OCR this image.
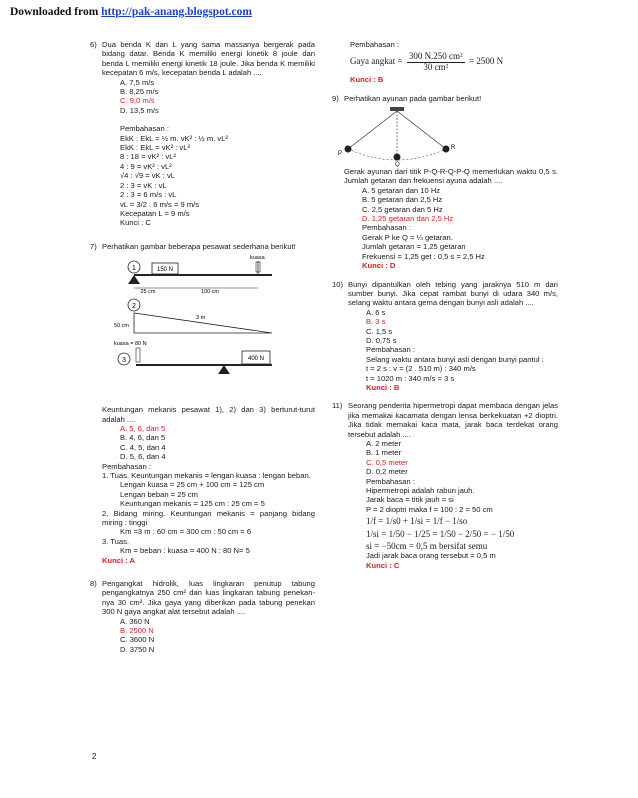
Downloaded from http://pak-anang.blogspot.com
6) Dua benda K dan L yang sama massanya bergerak pada bidang datar. Benda K memiliki energi kinetik 8 joule dan benda L memiliki energi kinetik 18 joule. Jika benda K memiliki kecepatan 6 m/s, kecepatan benda L adalah ....
A. 7,5 m/s
B. 8,25 m/s
C. 9,0 m/s
D. 13,5 m/s
Pembahasan :
EkK : EkL = ½ m. vK² : ½ m. vL²
EkK : EkL = vK² : vL²
8 : 18 = vK² : vL²
4 : 9 = vK² : vL²
√4 : √9 = vK : vL
2 : 3 = vK : vL
2 : 3 = 6 m/s : vL
vL = 3/2 . 6 m/s = 9 m/s
Kecepatan L = 9 m/s
Kunci : C
7) Perhatikan gambar beberapa pesawat sederhana berikut!
1	150 N
kuasa
25 cm	100 cm
2
50 cm
3 m
kuasa = 80 N
3	400 N
Keuntungan mekanis pesawat 1), 2) dan 3) berturut-turut adalah ....
A. 5, 6, dan 5
B. 4, 6, dan 5
C. 4, 5, dan 4
D. 5, 6, dan 4
Pembahasan :
1. Tuas. Keuntungan mekanis = lengan kuasa : lengan beban.
Lengan kuasa = 25 cm + 100 cm = 125 cm
Lengan beban = 25 cm
Keuntungan mekanis = 125 cm : 25 cm = 5
2. Bidang miring. Keuntungan mekanis = panjang bidang miring : tinggi
Km =3 m : 60 cm = 300 cm : 50 cm = 6
3. Tuas.
Km = beban : kuasa = 400 N : 80 N= 5
Kunci : A
8) Pengangkat hidrolik, luas lingkaran penutup tabung pengangkatnya 250 cm² dan luas lingkaran tabung penekan-nya 30 cm². Jika gaya yang diberikan pada tabung penekan 300 N gaya angkat alat tersebut adalah ....
A. 360 N
B. 2500 N
C. 3600 N
D. 3750 N
Pembahasan :
Gaya angkat = $\frac{\text{300 N.250 cm²}}{\text{30 cm²}} = 2500$ N
Kunci : B
9) Perhatikan ayunan pada gambar berikut!
P
Q
R
Gerak ayunan dari titik P-Q-R-Q-P-Q memerlukan waktu 0,5 s. Jumlah getaran dan frekuensi ayuna adalah ....
A. 5 getaran dan 10 Hz
B. 5 getaran dan 2,5 Hz
C. 2,5 getaran dan 5 Hz
D. 1,25 getaran dan 2,5 Hz
Pembahasan :
Gerak P ke Q = ¼ getaran.
Jumlah getaran = 1,25 getaran
Frekuensi = 1,25 get : 0,5 s = 2,5 Hz
Kunci : D
10) Bunyi dipantulkan oleh tebing yang jaraknya 510 m dari sumber bunyi. Jika cepat rambat bunyi di udara 340 m/s, selang waktu antara gema dengan bunyi asli adalah ....
A. 6 s
B. 3 s
C. 1,5 s
D. 0,75 s
Pembahasan :
Selang waktu antara bunyi asli dengan bunyi pantul :
t = 2 s : v = (2 . 510 m) : 340 m/s
t = 1020 m : 340 m/s = 3 s
Kunci : B
11) Seorang penderita hipermetropi dapat membaca dengan jelas jika memakai kacamata dengan lensa berkekuatan +2 dioptri. Jika tidak memakai kaca mata, jarak baca terdekat orang tersebut adalah ....
A. 2 meter
B. 1 meter
C. 0,5 meter
D. 0,2 meter
Pembahasan :
Hipermetropi adalah rabun jauh.
Jarak baca = titik jauh = si
P = 2 dioptri maka f = 100 : 2 = 50 cm
1/f = 1/s0 + 1/si = 1/f − 1/so
1/si = 1/50 − 1/25 = 1/50 − 2/50 = − 1/50
si = −50cm = 0,5 m bersifat semu
Jadi jarak baca orang tersebut = 0,5 m
Kunci : C
2
